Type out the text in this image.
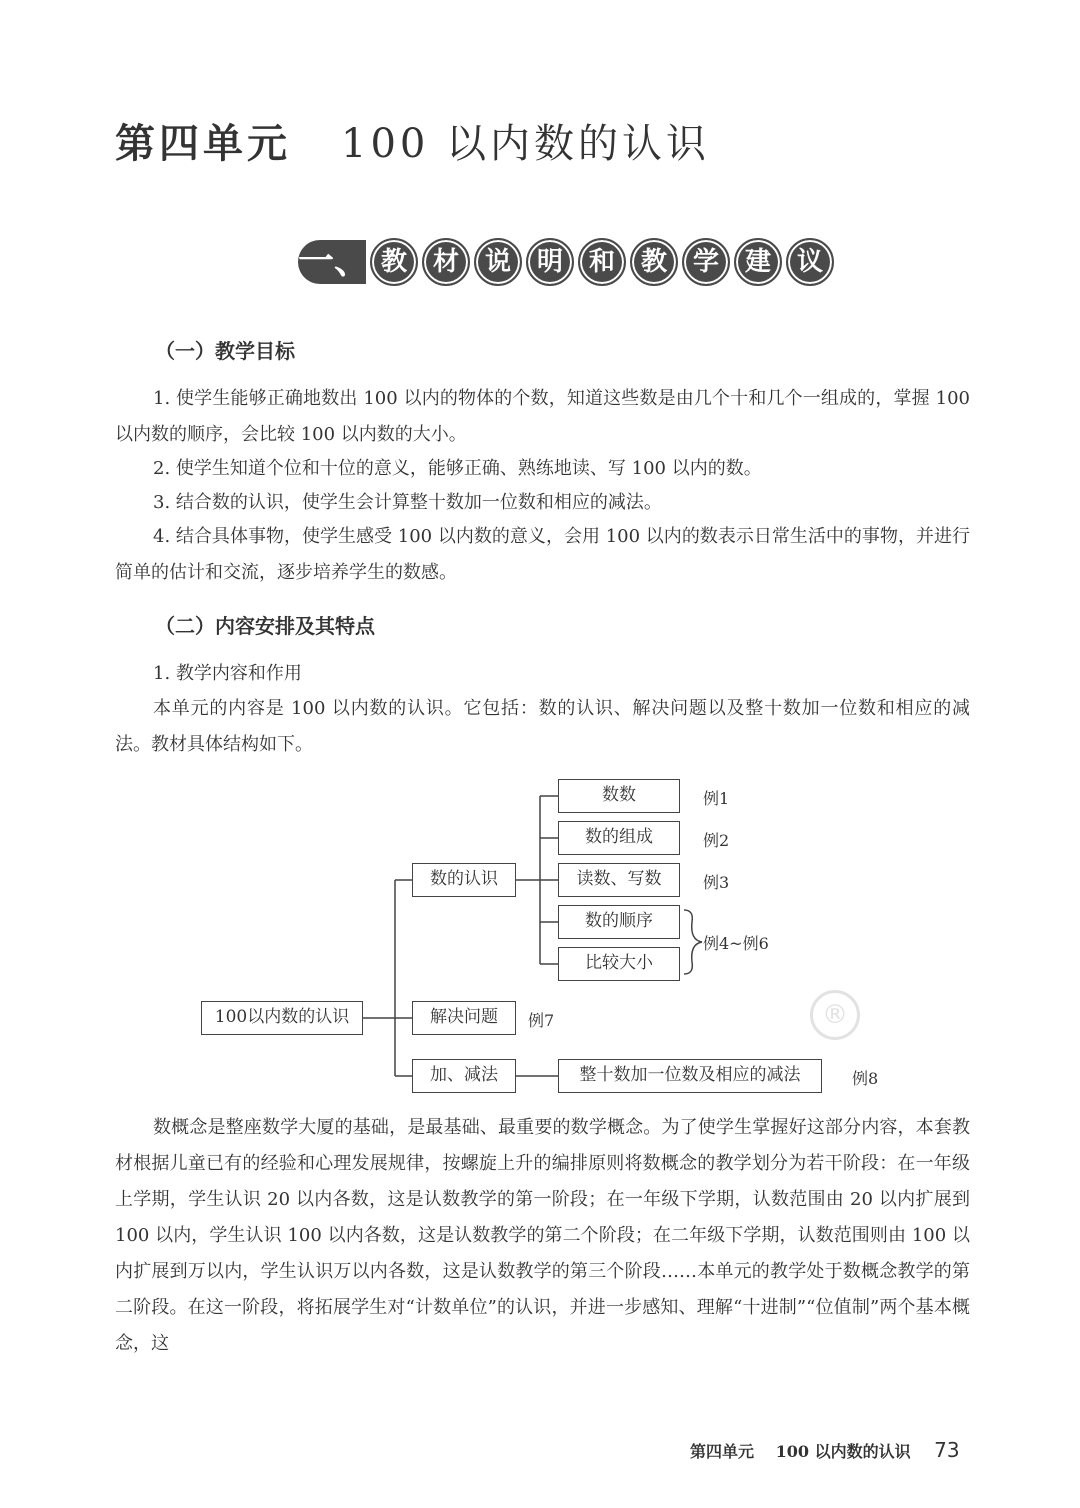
第四单元 100 以内数的认识
一、 教 材 说 明 和 教 学 建 议
（一）教学目标
1. 使学生能够正确地数出 100 以内的物体的个数，知道这些数是由几个十和几个一组成的，掌握 100 以内数的顺序，会比较 100 以内数的大小。
2. 使学生知道个位和十位的意义，能够正确、熟练地读、写 100 以内的数。
3. 结合数的认识，使学生会计算整十数加一位数和相应的减法。
4. 结合具体事物，使学生感受 100 以内数的意义，会用 100 以内的数表示日常生活中的事物，并进行简单的估计和交流，逐步培养学生的数感。
（二）内容安排及其特点
1. 教学内容和作用
本单元的内容是 100 以内数的认识。它包括：数的认识、解决问题以及整十数加一位数和相应的减法。教材具体结构如下。
100以内数的认识
数的认识
解决问题
加、减法
数数
数的组成
读数、写数
数的顺序
比较大小
整十数加一位数及相应的减法
例1
例2
例3
例4~例6
例7
例8
®
数概念是整座数学大厦的基础，是最基础、最重要的数学概念。为了使学生掌握好这部分内容，本套教材根据儿童已有的经验和心理发展规律，按螺旋上升的编排原则将数概念的教学划分为若干阶段：在一年级上学期，学生认识 20 以内各数，这是认数教学的第一阶段；在一年级下学期，认数范围由 20 以内扩展到 100 以内，学生认识 100 以内各数，这是认数教学的第二个阶段；在二年级下学期，认数范围则由 100 以内扩展到万以内，学生认识万以内各数，这是认数教学的第三个阶段……本单元的教学处于数概念教学的第二阶段。在这一阶段，将拓展学生对“计数单位”的认识，并进一步感知、理解“十进制”“位值制”两个基本概念，这
第四单元 100 以内数的认识 73
